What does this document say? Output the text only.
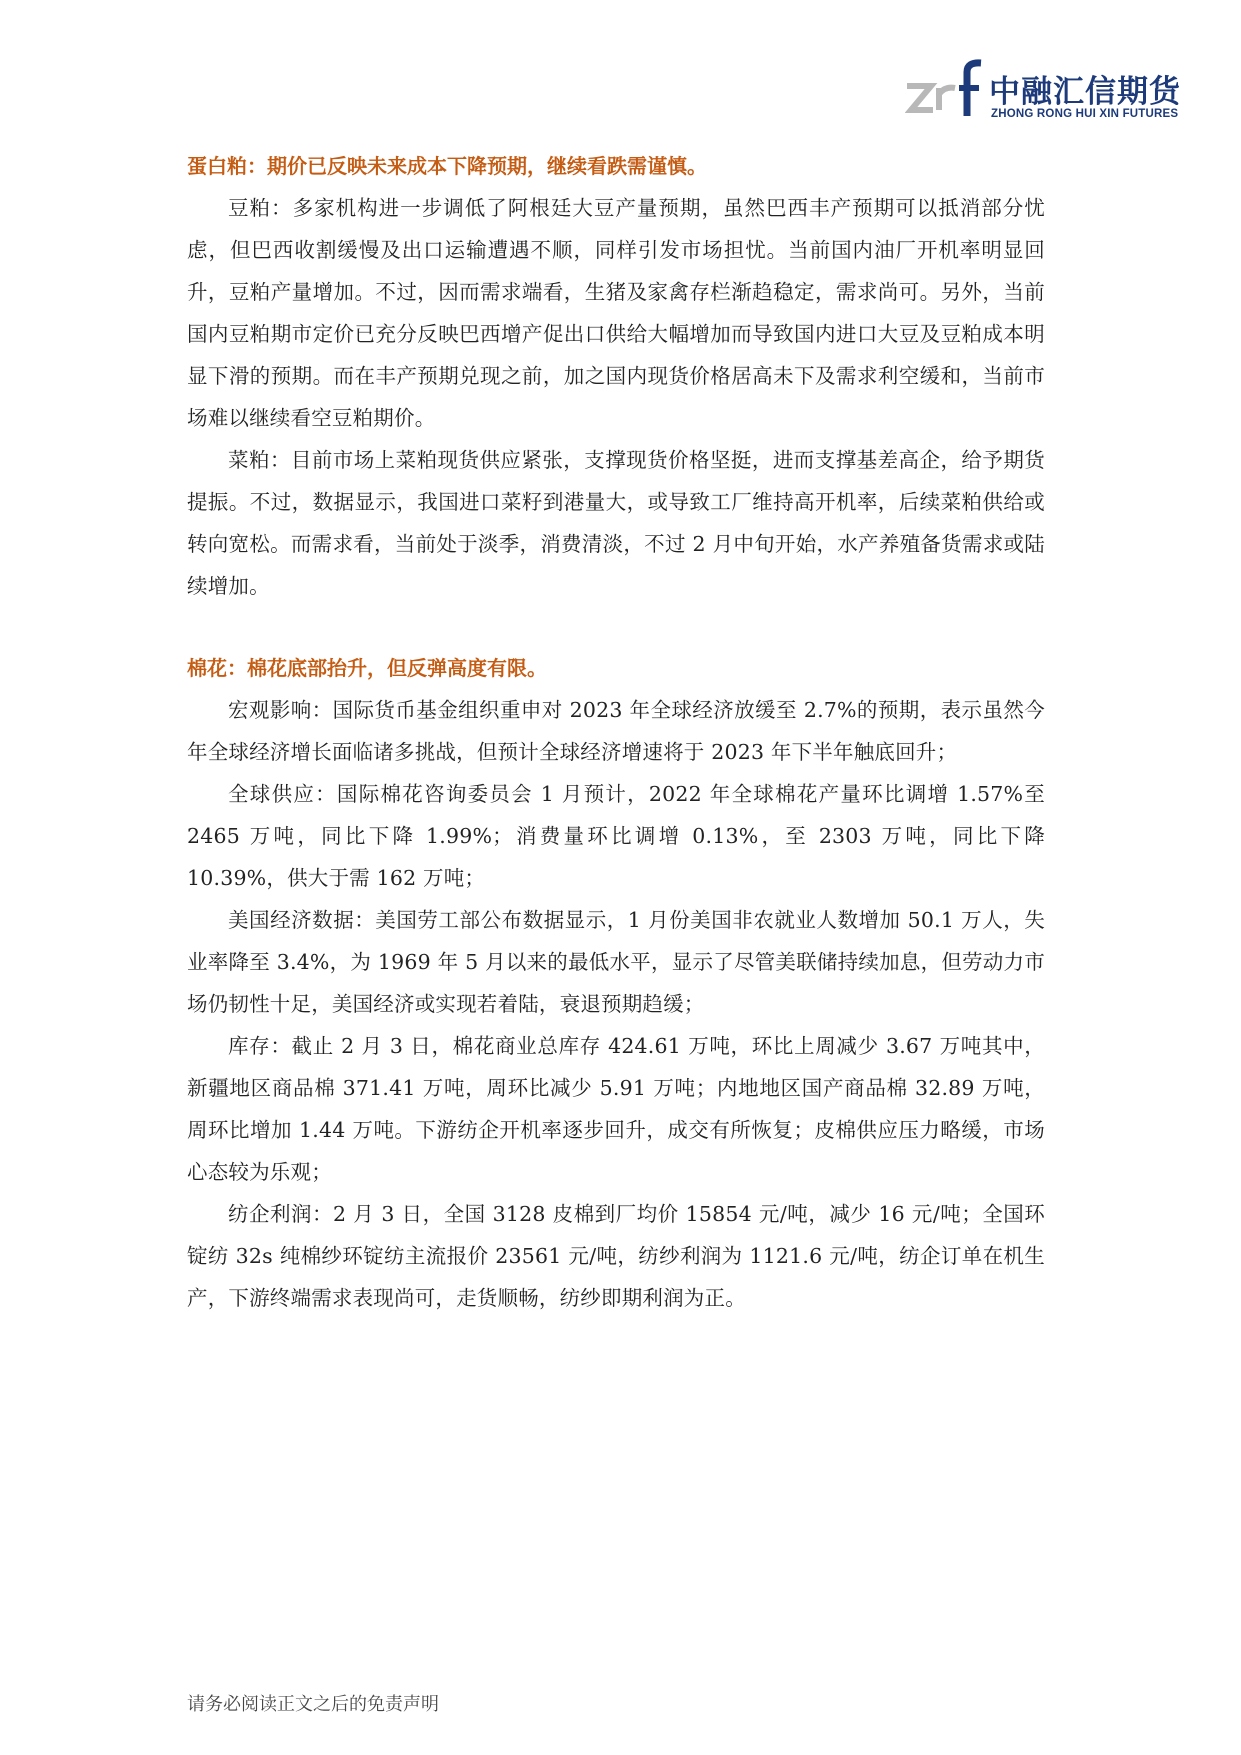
中融汇信期货
ZHONG RONG HUI XIN FUTURES
蛋白粕：期价已反映未来成本下降预期，继续看跌需谨慎。

豆粕：多家机构进一步调低了阿根廷大豆产量预期，虽然巴西丰产预期可以抵消部分忧虑，但巴西收割缓慢及出口运输遭遇不顺，同样引发市场担忧。当前国内油厂开机率明显回升，豆粕产量增加。不过，因而需求端看，生猪及家禽存栏渐趋稳定，需求尚可。另外，当前国内豆粕期市定价已充分反映巴西增产促出口供给大幅增加而导致国内进口大豆及豆粕成本明显下滑的预期。而在丰产预期兑现之前，加之国内现货价格居高未下及需求利空缓和，当前市场难以继续看空豆粕期价。

菜粕：目前市场上菜粕现货供应紧张，支撑现货价格坚挺，进而支撑基差高企，给予期货提振。不过，数据显示，我国进口菜籽到港量大，或导致工厂维持高开机率，后续菜粕供给或转向宽松。而需求看，当前处于淡季，消费清淡，不过 2 月中旬开始，水产养殖备货需求或陆续增加。

棉花：棉花底部抬升，但反弹高度有限。

宏观影响：国际货币基金组织重申对 2023 年全球经济放缓至 2.7%的预期，表示虽然今年全球经济增长面临诸多挑战，但预计全球经济增速将于 2023 年下半年触底回升；

全球供应：国际棉花咨询委员会 1 月预计，2022 年全球棉花产量环比调增 1.57%至 2465 万吨，同比下降 1.99%；消费量环比调增 0.13%，至 2303 万吨，同比下降 10.39%，供大于需 162 万吨；

美国经济数据：美国劳工部公布数据显示，1 月份美国非农就业人数增加 50.1 万人，失业率降至 3.4%，为 1969 年 5 月以来的最低水平，显示了尽管美联储持续加息，但劳动力市场仍韧性十足，美国经济或实现若着陆，衰退预期趋缓；

库存：截止 2 月 3 日，棉花商业总库存 424.61 万吨，环比上周减少 3.67 万吨其中，新疆地区商品棉 371.41 万吨，周环比减少 5.91 万吨；内地地区国产商品棉 32.89 万吨，周环比增加 1.44 万吨。下游纺企开机率逐步回升，成交有所恢复；皮棉供应压力略缓，市场心态较为乐观；

纺企利润：2 月 3 日，全国 3128 皮棉到厂均价 15854 元/吨，减少 16 元/吨；全国环锭纺 32s 纯棉纱环锭纺主流报价 23561 元/吨，纺纱利润为 1121.6 元/吨，纺企订单在机生产，下游终端需求表现尚可，走货顺畅，纺纱即期利润为正。

请务必阅读正文之后的免责声明
